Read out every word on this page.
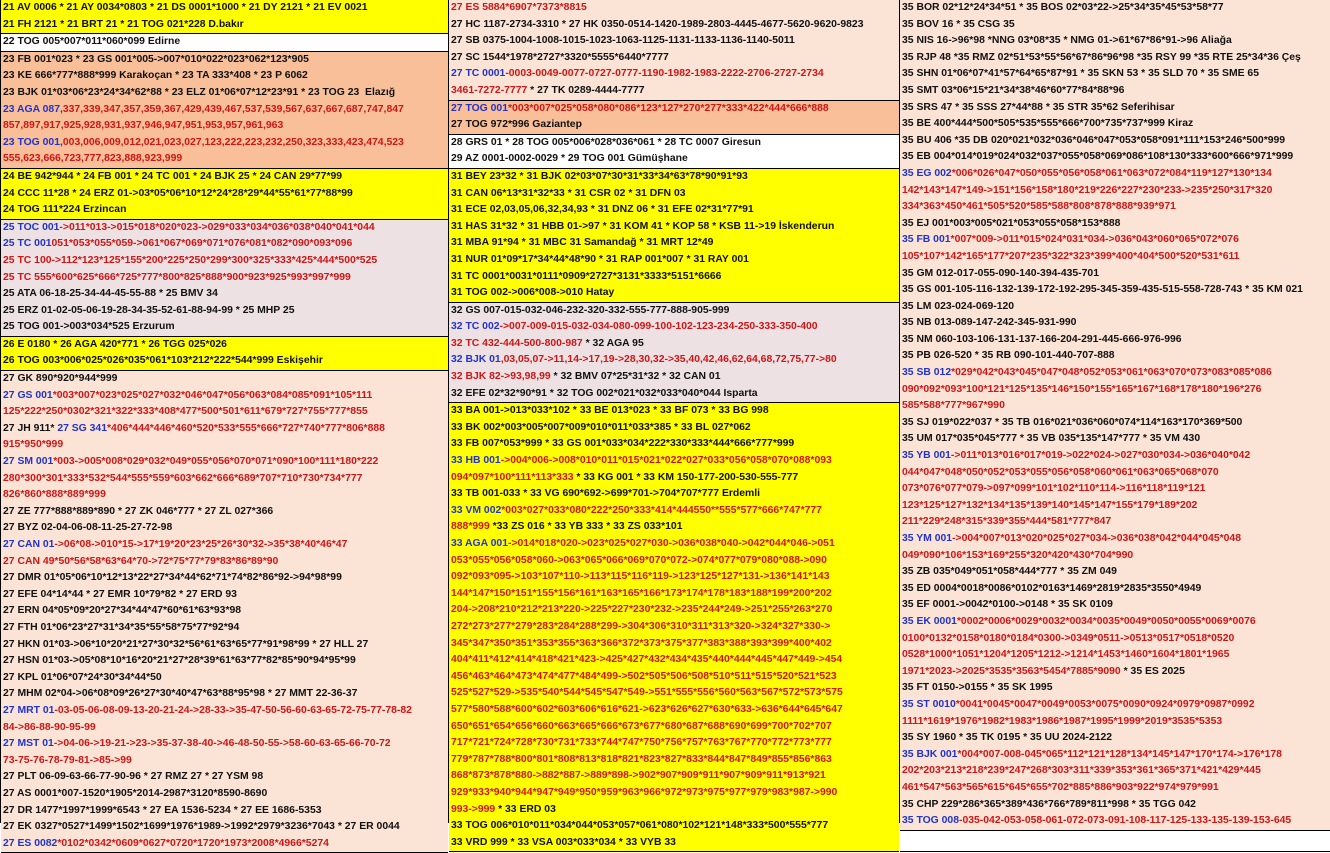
21 AV 0006 * 21 AY 0034*0803 * 21 DS 0001*1000 * 21 DY 2121 * 21 EV 0021
21 FH 2121 * 21 BRT 21 * 21 TOG 021*228 D.bakır
22 TOG 005*007*011*060*099 Edirne
23 FB 001*023 * 23 GS 001*005->007*010*022*023*062*123*905
23 KE 666*777*888*999 Karakoçan * 23 TA 333*408 * 23 P 6062
23 BJK 01*03*06*23*24*34*62*88 * 23 ELZ 01*06*07*12*23*91 * 23 TOG 23  Elazığ
23 AGA 087,337,339,347,357,359,367,429,439,467,537,539,567,637,667,687,747,847
857,897,917,925,928,931,937,946,947,951,953,957,961,963
23 TOG 001,003,006,009,012,021,023,027,123,222,223,232,250,323,333,423,474,523
555,623,666,723,777,823,888,923,999
24 BE 942*944 * 24 FB 001 * 24 TC 001 * 24 BJK 25 * 24 CAN 29*77*99
24 CCC 11*28 * 24 ERZ 01->03*05*06*10*12*24*28*29*44*55*61*77*88*99
24 TOG 111*224 Erzincan
25 TOC 001->011*013->015*018*020*023->029*033*034*036*038*040*041*044
25 TC 001051*053*055*059->061*067*069*071*076*081*082*090*093*096
25 TC 100->112*123*125*155*200*225*250*299*300*325*333*425*444*500*525
25 TC 555*600*625*666*725*777*800*825*888*900*923*925*993*997*999
25 ATA 06-18-25-34-44-45-55-88 * 25 BMV 34
25 ERZ 01-02-05-06-19-28-34-35-52-61-88-94-99 * 25 MHP 25
25 TOG 001->003*034*525 Erzurum
26 E 0180 * 26 AGA 420*771 * 26 TGG 025*026
26 TOG 003*006*025*026*035*061*103*212*222*544*999 Eskişehir
27 GK 890*920*944*999
27 GS 001*003*007*023*025*027*032*046*047*056*063*084*085*091*105*111
125*222*250*0302*321*322*333*408*477*500*501*611*679*727*755*777*855
27 JH 911* 27 SG 341*406*444*446*460*520*533*555*666*727*740*777*806*888
915*950*999
27 SM 001*003->005*008*029*032*049*055*056*070*071*090*100*111*180*222
280*300*301*333*532*544*555*559*603*662*666*689*707*710*730*734*777
826*860*888*889*999
27 ZE 777*888*889*890 * 27 ZK 046*777 * 27 ZL 027*366
27 BYZ 02-04-06-08-11-25-27-72-98
27 CAN 01->06*08->010*15->17*19*20*23*25*26*30*32->35*38*40*46*47
27 CAN 49*50*56*58*63*64*70->72*75*77*79*83*86*89*90
27 DMR 01*05*06*10*12*13*22*27*34*44*62*71*74*82*86*92->94*98*99
27 EFE 04*14*44 * 27 EMR 10*79*82 * 27 ERD 93
27 ERN 04*05*09*20*27*34*44*47*60*61*63*93*98
27 FTH 01*06*23*27*31*34*35*55*58*75*77*92*94
27 HKN 01*03->06*10*20*21*27*30*32*56*61*63*65*77*91*98*99 * 27 HLL 27
27 HSN 01*03->05*08*10*16*20*21*27*28*39*61*63*77*82*85*90*94*95*99
27 KPL 01*06*07*24*30*34*44*50
27 MHM 02*04->06*08*09*26*27*30*40*47*63*88*95*98 * 27 MMT 22-36-37
27 MRT 01-03-05-06-08-09-13-20-21-24->28-33->35-47-50-56-60-63-65-72-75-77-78-82
84->86-88-90-95-99
27 MST 01->04-06->19-21->23->35-37-38-40->46-48-50-55->58-60-63-65-66-70-72
73-75-76-78-79-81->85->99
27 PLT 06-09-63-66-77-90-96 * 27 RMZ 27 * 27 YSM 98
27 AS 0001*007-1520*1905*2014-2987*3120*8590-8690
27 DR 1477*1997*1999*6543 * 27 EA 1536-5234 * 27 EE 1686-5353
27 EK 0327*0527*1499*1502*1699*1976*1989->1992*2979*3236*7043 * 27 ER 0044
27 ES 0082*0102*0342*0609*0627*0720*1720*1973*2008*4966*5274
27 ES 5884*6907*7373*8815
27 HC 1187-2734-3310 * 27 HK 0350-0514-1420-1989-2803-4445-4677-5620-9620-9823
27 SB 0375-1004-1008-1015-1023-1063-1125-1131-1133-1136-1140-5011
27 SC 1544*1978*2727*3320*5555*6440*7777
27 TC 0001-0003-0049-0077-0727-0777-1190-1982-1983-2222-2706-2727-2734
3461-7272-7777 * 27 TK 0289-4444-7777
27 TOG 001*003*007*025*058*080*086*123*127*270*277*333*422*444*666*888
27 TOG 972*996 Gaziantep
28 GRS 01 * 28 TOG 005*006*028*036*061 * 28 TC 0007 Giresun
29 AZ 0001-0002-0029 * 29 TOG 001 Gümüşhane
31 BEY 23*32 * 31 BJK 02*03*07*30*31*33*34*63*78*90*91*93
31 CAN 06*13*31*32*33 * 31 CSR 02 * 31 DFN 03
31 ECE 02,03,05,06,32,34,93 * 31 DNZ 06 * 31 EFE 02*31*77*91
31 HAS 31*32 * 31 HBB 01->97 * 31 KOM 41 * KOP 58 * KSB 11->19 İskenderun
31 MBA 91*94 * 31 MBC 31 Samandağ * 31 MRT 12*49
31 NUR 01*09*17*34*44*48*90 * 31 RAP 001*007 * 31 RAY 001
31 TC 0001*0031*0111*0909*2727*3131*3333*5151*6666
31 TOG 002->006*008->010 Hatay
32 GS 007-015-032-046-232-320-332-555-777-888-905-999
32 TC 002->007-009-015-032-034-080-099-100-102-123-234-250-333-350-400
32 TC 432-444-500-800-987 * 32 AGA 95
32 BJK 01,03,05,07->11,14->17,19->28,30,32->35,40,42,46,62,64,68,72,75,77->80
32 BJK 82->93,98,99 * 32 BMV 07*25*31*32 * 32 CAN 01
32 EFE 02*32*90*91 * 32 TOG 002*021*032*033*040*044 Isparta
33 BA 001->013*033*102 * 33 BE 013*023 * 33 BF 073 * 33 BG 998
33 BK 002*003*005*007*009*010*011*033*385 * 33 BL 027*062
33 FB 007*053*999 * 33 GS 001*033*034*222*330*333*444*666*777*999
33 HB 001->004*006->008*010*011*015*021*022*027*033*056*058*070*088*093
094*097*100*111*113*333 * 33 KG 001 * 33 KM 150-177-200-530-555-777
33 TB 001-033 * 33 VG 690*692->699*701->704*707*777 Erdemli
33 VM 002*003*027*033*080*222*250*333*414*444550**555*577*666*747*777
888*999 *33 ZS 016 * 33 YB 333 * 33 ZS 033*101
33 AGA 001->014*018*020->023*025*027*030->036*038*040->042*044*046->051
053*055*056*058*060->063*065*066*069*070*072->074*077*079*080*088->090
092*093*095->103*107*110->113*115*116*119->123*125*127*131->136*141*143
144*147*150*151*155*156*161*163*165*166*173*174*178*183*188*199*200*202
204->208*210*212*213*220->225*227*230*232->235*244*249->251*255*263*270
272*273*277*279*283*284*288*299->304*306*310*311*313*320->324*327*330->
345*347*350*351*353*355*363*366*372*373*375*377*383*388*393*399*400*402
404*411*412*414*418*421*423->425*427*432*434*435*440*444*445*447*449->454
456*463*464*473*474*477*484*499->502*505*506*508*510*511*515*520*521*523
525*527*529->535*540*544*545*547*549->551*555*556*560*563*567*572*573*575
577*580*588*600*602*603*606*616*621->623*626*627*630*633->636*644*645*647
650*651*654*656*660*663*665*666*673*677*680*687*688*690*699*700*702*707
717*721*724*728*730*731*733*744*747*750*756*757*763*767*770*772*773*777
779*787*788*800*801*808*813*818*821*823*827*833*844*847*849*855*856*863
868*873*878*880->882*887->889*898->902*907*909*911*907*909*911*913*921
929*933*940*944*947*949*950*959*963*966*972*973*975*977*979*983*987->990
993->999 * 33 ERD 03
33 TOG 006*010*011*034*044*053*057*061*080*102*121*148*333*500*555*777
33 VRD 999 * 33 VSA 003*033*034 * 33 VYB 33
35 BOR 02*12*24*34*51 * 35 BOS 02*03*22->25*34*35*45*53*58*77
35 BOV 16 * 35 CSG 35
35 NIS 16->96*98 *NNG 03*08*35 * NMG 01->61*67*86*91->96 Aliağa
35 RJP 48 *35 RMZ 02*51*53*55*56*67*86*96*98 *35 RSY 99 *35 RTE 25*34*36 Çeş
35 SHN 01*06*07*41*57*64*65*87*91 * 35 SKN 53 * 35 SLD 70 * 35 SME 65
35 SMT 03*06*15*21*34*38*46*60*77*84*88*96
35 SRS 47 * 35 SSS 27*44*88 * 35 STR 35*62 Seferihisar
35 BE 400*444*500*505*535*555*666*700*735*737*999 Kiraz
35 BU 406 *35 DB 020*021*032*036*046*047*053*058*091*111*153*246*500*999
35 EB 004*014*019*024*032*037*055*058*069*086*108*130*333*600*666*971*999
35 EG 002*006*026*047*050*055*056*058*061*063*072*084*119*127*130*134
142*143*147*149->151*156*158*180*219*226*227*230*233->235*250*317*320
334*363*450*461*505*520*585*588*808*878*888*939*971
35 EJ 001*003*005*021*053*055*058*153*888
35 FB 001*007*009->011*015*024*031*034->036*043*060*065*072*076
105*107*142*165*177*207*235*322*323*399*400*404*500*520*531*611
35 GM 012-017-055-090-140-394-435-701
35 GS 001-105-116-132-139-172-192-295-345-359-435-515-558-728-743 * 35 KM 021
35 LM 023-024-069-120
35 NB 013-089-147-242-345-931-990
35 NM 060-103-106-131-137-166-204-291-445-666-976-996
35 PB 026-520 * 35 RB 090-101-440-707-888
35 SB 012*029*042*043*045*047*048*052*053*061*063*070*073*083*085*086
090*092*093*100*121*125*135*146*150*155*165*167*168*178*180*196*276
585*588*777*967*990
35 SJ 019*022*037 * 35 TB 016*021*036*060*074*114*163*170*369*500
35 UM 017*035*045*777 * 35 VB 035*135*147*777 * 35 VM 430
35 YB 001->011*013*016*017*019->022*024->027*030*034->036*040*042
044*047*048*050*052*053*055*056*058*060*061*063*065*068*070
073*076*077*079->097*099*101*102*110*114->116*118*119*121
123*125*127*132*134*135*139*140*145*147*155*179*189*202
211*229*248*315*339*355*444*581*777*847
35 YM 001->004*007*013*020*025*027*034->036*038*042*044*045*048
049*090*106*153*169*255*320*420*430*704*990
35 ZB 035*049*051*058*444*777 * 35 ZM 049
35 ED 0004*0018*0086*0102*0163*1469*2819*2835*3550*4949
35 EF 0001->0042*0100->0148 * 35 SK 0109
35 EK 0001*0002*0006*0029*0032*0034*0035*0049*0050*0055*0069*0076
0100*0132*0158*0180*0184*0300->0349*0511->0513*0517*0518*0520
0528*1000*1051*1204*1205*1212->1214*1453*1460*1604*1801*1965
1971*2023->2025*3535*3563*5454*7885*9090 * 35 ES 2025
35 FT 0150->0155 * 35 SK 1995
35 ST 0010*0041*0045*0047*0049*0053*0075*0090*0924*0979*0987*0992
1111*1619*1976*1982*1983*1986*1987*1995*1999*2019*3535*5353
35 SY 1960 * 35 TK 0195 * 35 UU 2024-2122
35 BJK 001*004*007-008-045*065*112*121*128*134*145*147*170*174->176*178
202*203*213*218*239*247*268*303*311*339*353*361*365*371*421*429*445
461*547*563*565*615*645*655*702*885*886*903*922*974*979*991
35 CHP 229*286*365*389*436*766*789*811*998 * 35 TGG 042
35 TOG 008-035-042-053-058-061-072-073-091-108-117-125-133-135-139-153-645
